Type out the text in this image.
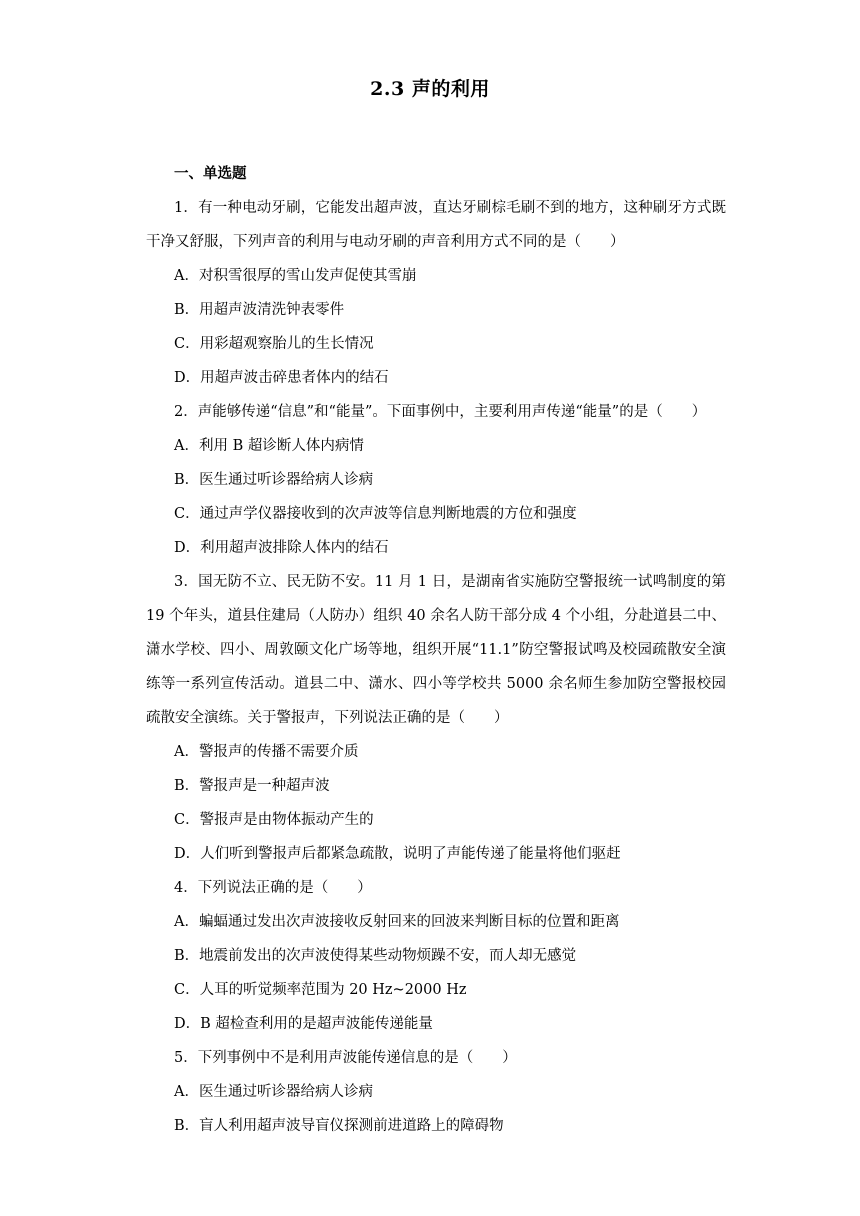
2.3 声的利用

一、单选题

1．有一种电动牙刷，它能发出超声波，直达牙刷棕毛刷不到的地方，这种刷牙方式既干净又舒服，下列声音的利用与电动牙刷的声音利用方式不同的是（　　）

A．对积雪很厚的雪山发声促使其雪崩

B．用超声波清洗钟表零件

C．用彩超观察胎儿的生长情况

D．用超声波击碎患者体内的结石

2．声能够传递“信息”和“能量”。下面事例中，主要利用声传递“能量”的是（　　）

A．利用 B 超诊断人体内病情

B．医生通过听诊器给病人诊病

C．通过声学仪器接收到的次声波等信息判断地震的方位和强度

D．利用超声波排除人体内的结石

3．国无防不立、民无防不安。11 月 1 日，是湖南省实施防空警报统一试鸣制度的第 19 个年头，道县住建局（人防办）组织 40 余名人防干部分成 4 个小组，分赴道县二中、潇水学校、四小、周敦颐文化广场等地，组织开展“11.1”防空警报试鸣及校园疏散安全演练等一系列宣传活动。道县二中、潇水、四小等学校共 5000 余名师生参加防空警报校园疏散安全演练。关于警报声，下列说法正确的是（　　）

A．警报声的传播不需要介质

B．警报声是一种超声波

C．警报声是由物体振动产生的

D．人们听到警报声后都紧急疏散，说明了声能传递了能量将他们驱赶

4．下列说法正确的是（　　）

A．蝙蝠通过发出次声波接收反射回来的回波来判断目标的位置和距离

B．地震前发出的次声波使得某些动物烦躁不安，而人却无感觉

C．人耳的听觉频率范围为 20 Hz~2000 Hz

D．B 超检查利用的是超声波能传递能量

5．下列事例中不是利用声波能传递信息的是（　　）

A．医生通过听诊器给病人诊病

B．盲人利用超声波导盲仪探测前进道路上的障碍物
